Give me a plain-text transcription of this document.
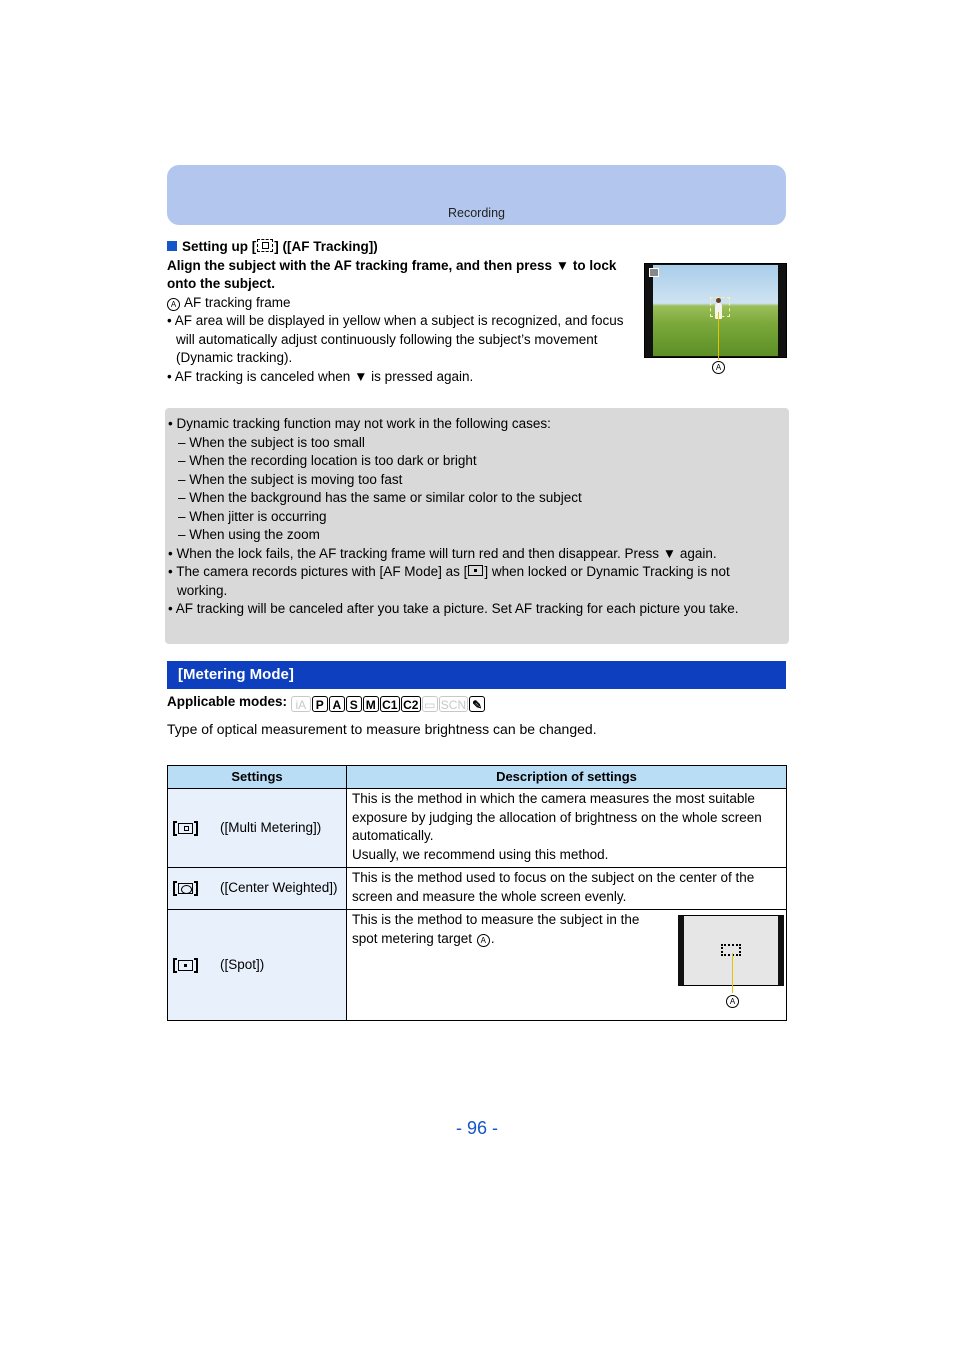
Recording
Setting up [ ] ([AF Tracking])
Align the subject with the AF tracking frame, and then press ▼ to lock onto the subject.
A AF tracking frame
• AF area will be displayed in yellow when a subject is recognized, and focus will automatically adjust continuously following the subject’s movement (Dynamic tracking).
• AF tracking is canceled when ▼ is pressed again.
A
• Dynamic tracking function may not work in the following cases:
– When the subject is too small
– When the recording location is too dark or bright
– When the subject is moving too fast
– When the background has the same or similar color to the subject
– When jitter is occurring
– When using the zoom
• When the lock fails, the AF tracking frame will turn red and then disappear. Press ▼ again.
• The camera records pictures with [AF Mode] as [ ] when locked or Dynamic Tracking is not working.
• AF tracking will be canceled after you take a picture. Set AF tracking for each picture you take.
[Metering Mode]
Applicable modes: iA P A S M C1 C2 ▭ SCN ✎
Type of optical measurement to measure brightness can be changed.
Settings	Description of settings

([Multi Metering])	This is the method in which the camera measures the most suitable exposure by judging the allocation of brightness on the whole screen automatically.
Usually, we recommend using this method.

([Center Weighted])	This is the method used to focus on the subject on the center of the screen and measure the whole screen evenly.

([Spot])	This is the method to measure the subject in the spot metering target A .
A
- 96 -
